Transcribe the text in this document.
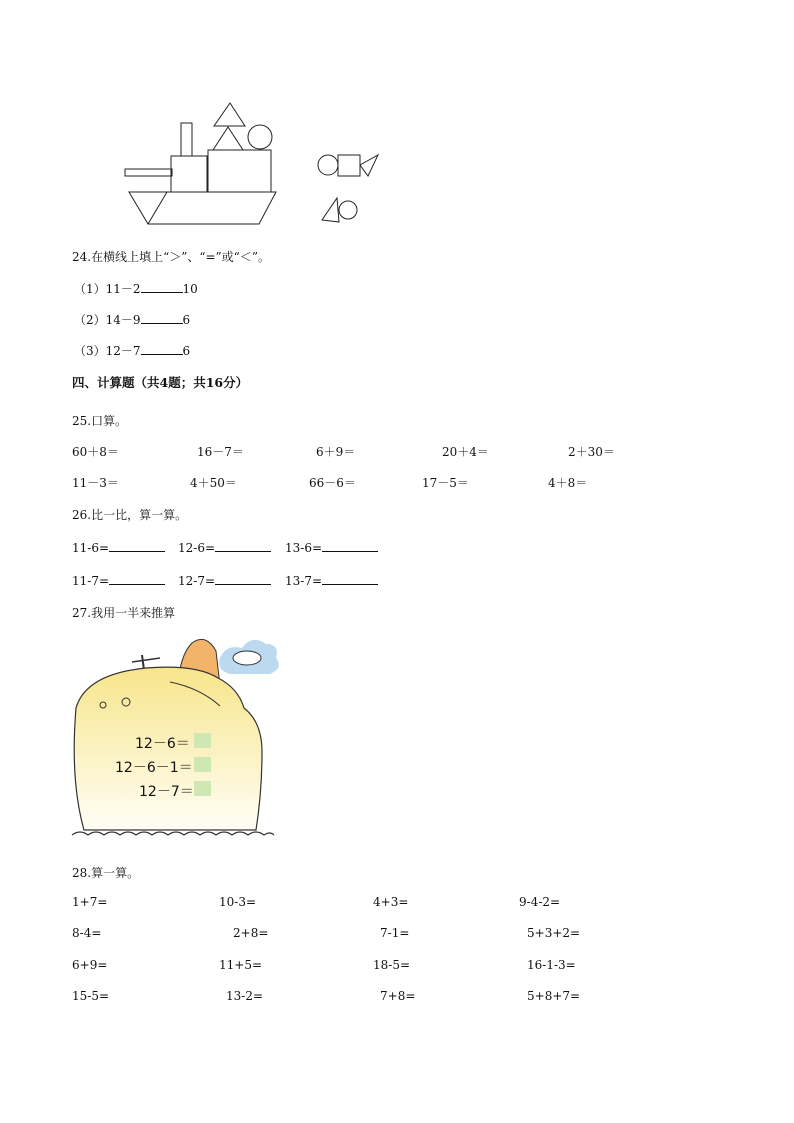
24.在横线上填上“＞”、“=”或“＜”。
（1）11－2	10
（2）14－9	6
（3）12－7	6
四、计算题（共4题；共16分）
25.口算。
60＋8＝	16－7＝	6＋9＝	20＋4＝	2＋30＝
11－3＝	4＋50＝	66－6＝	17－5＝	4＋8＝
26.比一比，算一算。
11-6=	12-6=	13-6=
11-7=	12-7=	13-7=
27.我用一半来推算
12－6＝
12－6－1＝
12－7＝
28.算一算。
1+7=	10-3=	4+3=	9-4-2=
8-4=	2+8=	7-1=	5+3+2=
6+9=	11+5=	18-5=	16-1-3=
15-5=	13-2=	7+8=	5+8+7=
